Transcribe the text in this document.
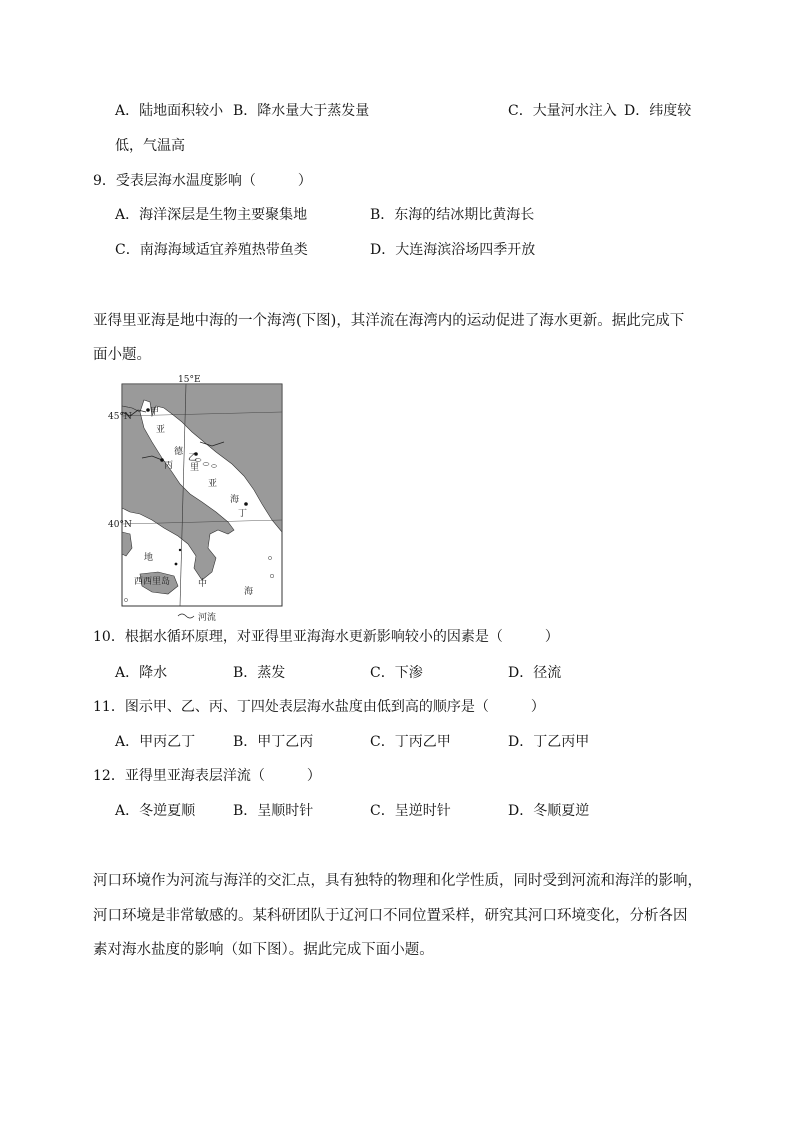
A．陆地面积较小 B．降水量大于蒸发量	C．大量河水注入 D．纬度较
低，气温高
9．受表层海水温度影响（　　　）
A．海洋深层是生物主要聚集地	B．东海的结冰期比黄海长
C．南海海域适宜养殖热带鱼类	D．大连海滨浴场四季开放
亚得里亚海是地中海的一个海湾(下图)，其洋流在海湾内的运动促进了海水更新。据此完成下
面小题。
15°E
45°N
40°N
甲
乙
丙
丁
亚
德
里
亚
海
地
西西里岛	中
海
河流
10．根据水循环原理，对亚得里亚海海水更新影响较小的因素是（　　　）
A．降水	B．蒸发	C．下渗	D．径流
11．图示甲、乙、丙、丁四处表层海水盐度由低到高的顺序是（　　　）
A．甲丙乙丁	B．甲丁乙丙	C．丁丙乙甲	D．丁乙丙甲
12．亚得里亚海表层洋流（　　　）
A．冬逆夏顺	B．呈顺时针	C．呈逆时针	D．冬顺夏逆
河口环境作为河流与海洋的交汇点，具有独特的物理和化学性质，同时受到河流和海洋的影响，
河口环境是非常敏感的。某科研团队于辽河口不同位置采样，研究其河口环境变化，分析各因
素对海水盐度的影响（如下图）。据此完成下面小题。
